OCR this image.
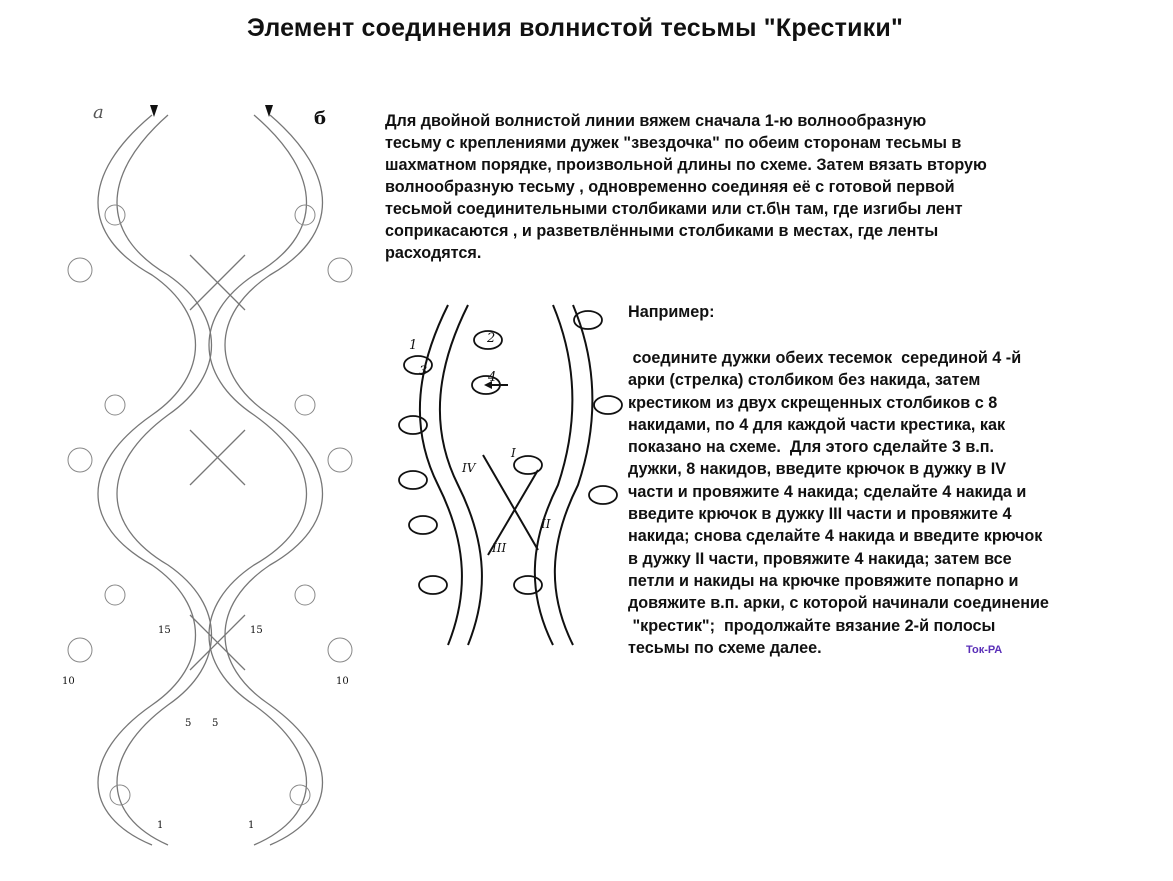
Элемент соединения волнистой тесьмы "Крестики"
а	б
15	15
10	10
5 5
1	1
Для двойной волнистой линии вяжем сначала 1-ю волнообразную
тесьму с креплениями дужек "звездочка" по обеим сторонам тесьмы в
шахматном порядке, произвольной длины по схеме. Затем вязать вторую
волнообразную тесьму , одновременно соединяя её с готовой первой
тесьмой соединительными столбиками или ст.б\н там, где изгибы лент
соприкасаются , и разветвлёнными столбиками в местах, где ленты
расходятся.
1	2
3	4
I
II
III
IV
Например:
соедините дужки обеих тесемок  серединой 4 -й
арки (стрелка) столбиком без накида, затем
крестиком из двух скрещенных столбиков с 8
накидами, по 4 для каждой части крестика, как
показано на схеме.  Для этого сделайте 3 в.п.
дужки, 8 накидов, введите крючок в дужку в IV
части и провяжите 4 накида; сделайте 4 накида и
введите крючок в дужку III части и провяжите 4
накида; снова сделайте 4 накида и введите крючок
в дужку II части, провяжите 4 накида; затем все
петли и накиды на крючке провяжите попарно и
довяжите в.п. арки, с которой начинали соединение
"крестик";  продолжайте вязание 2-й полосы
тесьмы по схеме далее.	Ток-РА
